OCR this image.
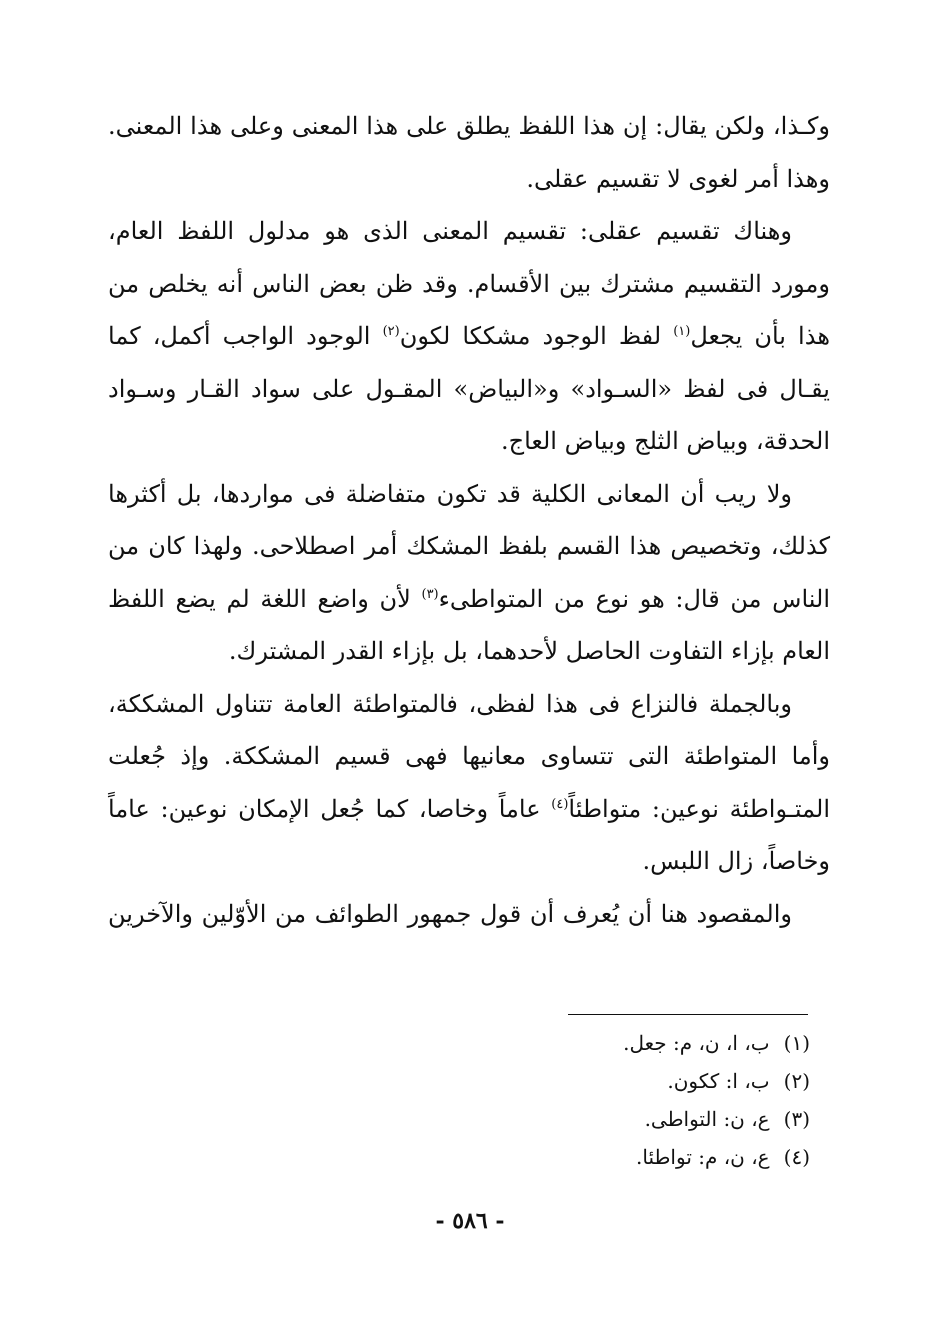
وكـذا، ولكن يقال: إن هذا اللفظ يطلق على هذا المعنى وعلى هذا المعنى. وهذا أمر لغوى لا تقسيم عقلى.

وهناك تقسيم عقلى: تقسيم المعنى الذى هو مدلول اللفظ العام، ومورد التقسيم مشترك بين الأقسام. وقد ظن بعض الناس أنه يخلص من هذا بأن يجعل$^{(١)}$ لفظ الوجود مشككا لكون$^{(٢)}$ الوجود الواجب أكمل، كما يقـال فى لفظ «السـواد» و«البياض» المقـول على سواد القـار وسـواد الحدقة، وبياض الثلج وبياض العاج.

ولا ريب أن المعانى الكلية قد تكون متفاضلة فى مواردها، بل أكثرها كذلك، وتخصيص هذا القسم بلفظ المشكك أمر اصطلاحى. ولهذا كان من الناس من قال: هو نوع من المتواطىء$^{(٣)}$ لأن واضع اللغة لم يضع اللفظ العام بإزاء التفاوت الحاصل لأحدهما، بل بإزاء القدر المشترك.

وبالجملة فالنزاع فى هذا لفظى، فالمتواطئة العامة تتناول المشككة، وأما المتواطئة التى تتساوى معانيها فهى قسيم المشككة. وإذ جُعلت المتـواطئة نوعين: متواطئاً$^{(٤)}$ عاماً وخاصا، كما جُعل الإمكان نوعين: عاماً وخاصاً، زال اللبس.

والمقصود هنا أن يُعرف أن قول جمهور الطوائف من الأوّلين والآخرين

(١)ب، ا، ن، م: جعل.
(٢)ب، ا: ككون.
(٣)ع، ن: التواطى.
(٤)ع، ن، م: تواطئا.
- ٥٨٦ -
